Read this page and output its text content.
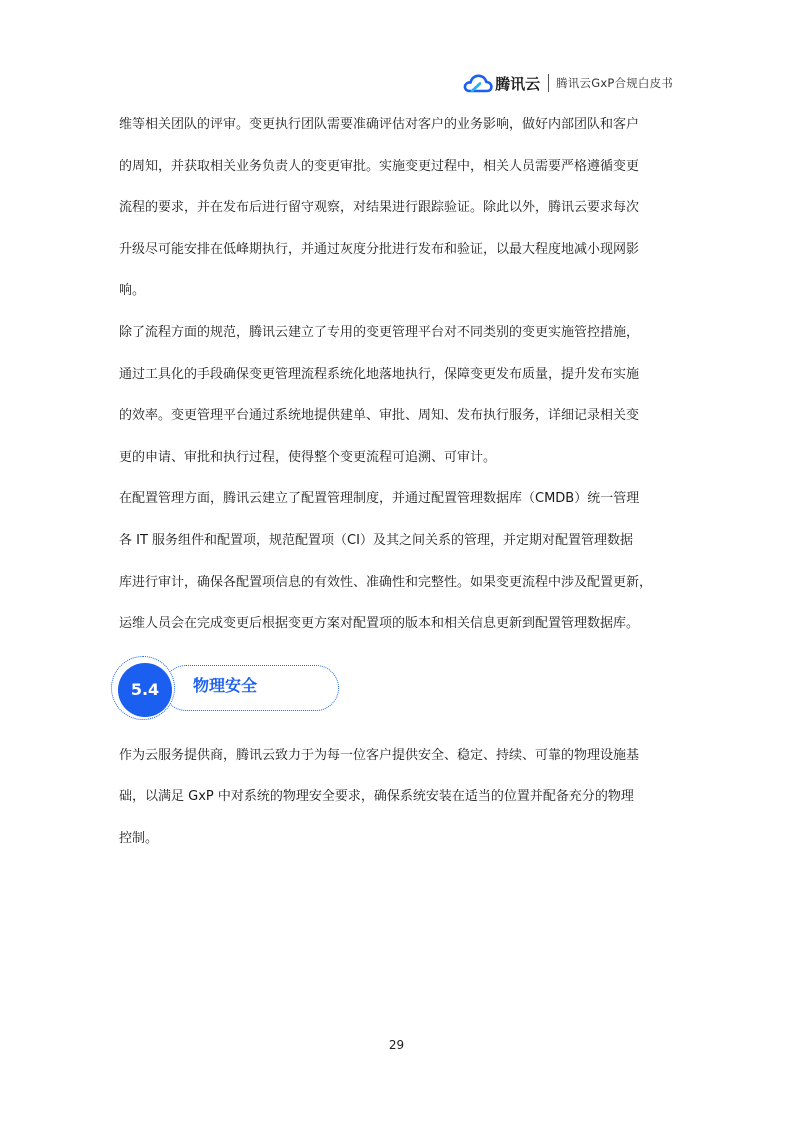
腾讯云 腾讯云GxP合规白皮书

维等相关团队的评审。变更执行团队需要准确评估对客户的业务影响，做好内部团队和客户
的周知，并获取相关业务负责人的变更审批。实施变更过程中，相关人员需要严格遵循变更
流程的要求，并在发布后进行留守观察，对结果进行跟踪验证。除此以外，腾讯云要求每次
升级尽可能安排在低峰期执行，并通过灰度分批进行发布和验证，以最大程度地减小现网影
响。

除了流程方面的规范，腾讯云建立了专用的变更管理平台对不同类别的变更实施管控措施，
通过工具化的手段确保变更管理流程系统化地落地执行，保障变更发布质量，提升发布实施
的效率。变更管理平台通过系统地提供建单、审批、周知、发布执行服务，详细记录相关变
更的申请、审批和执行过程，使得整个变更流程可追溯、可审计。

在配置管理方面，腾讯云建立了配置管理制度，并通过配置管理数据库（CMDB）统一管理
各 IT 服务组件和配置项，规范配置项（CI）及其之间关系的管理，并定期对配置管理数据
库进行审计，确保各配置项信息的有效性、准确性和完整性。如果变更流程中涉及配置更新，
运维人员会在完成变更后根据变更方案对配置项的版本和相关信息更新到配置管理数据库。

5.4	物理安全

作为云服务提供商，腾讯云致力于为每一位客户提供安全、稳定、持续、可靠的物理设施基
础，以满足 GxP 中对系统的物理安全要求，确保系统安装在适当的位置并配备充分的物理
控制。

29
